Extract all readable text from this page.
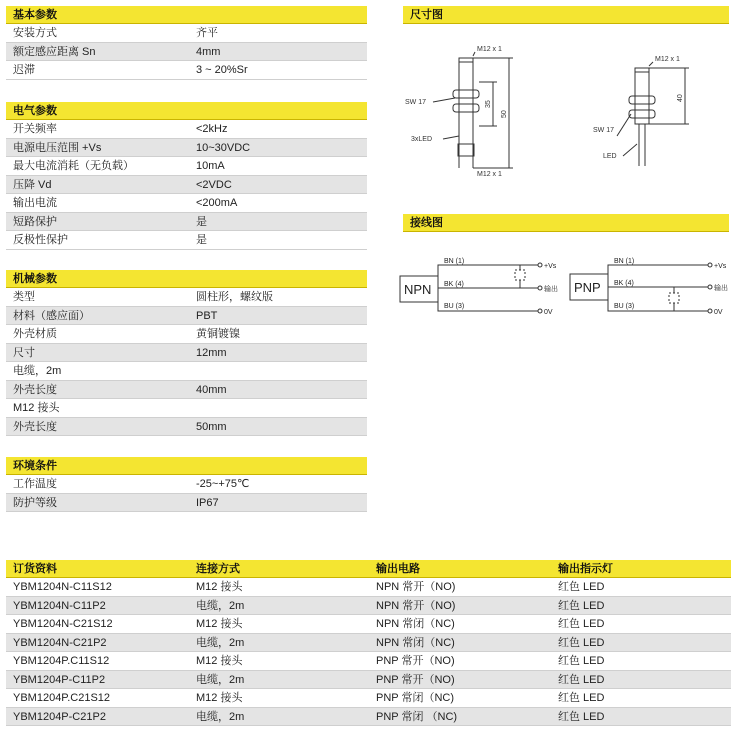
基本参数
安装方式	齐平
额定感应距离 Sn	4mm
迟滞	3 ~ 20%Sr
电气参数
开关频率	<2kHz
电源电压范围 +Vs	10~30VDC
最大电流消耗（无负载）	10mA
压降 Vd	<2VDC
输出电流	<200mA
短路保护	是
反极性保护	是
机械参数
类型	圆柱形，螺纹版
材料（感应面）	PBT
外壳材质	黄铜镀镍
尺寸	12mm
电缆，2m
外壳长度	40mm
M12 接头
外壳长度	50mm
环境条件
工作温度	-25~+75℃
防护等级	IP67
尺寸图
M12 x 1
M12 x 1
SW 17
3xLED
35
50
M12 x 1
SW 17
LED
40
接线图
NPN
BN (1)
BK (4)
BU (3)
+Vs
输出
0V
PNP
BN (1)
BK (4)
BU (3)
+Vs
输出
0V
订货资料	连接方式	输出电路	输出指示灯
YBM1204N-C11S12	M12 接头	NPN 常开（NO)	红色 LED
YBM1204N-C11P2	电缆，2m	NPN 常开（NO)	红色 LED
YBM1204N-C21S12	M12 接头	NPN 常闭（NC)	红色 LED
YBM1204N-C21P2	电缆，2m	NPN 常闭（NC)	红色 LED
YBM1204P.C11S12	M12 接头	PNP 常开（NO)	红色 LED
YBM1204P-C11P2	电缆，2m	PNP 常开（NO)	红色 LED
YBM1204P.C21S12	M12 接头	PNP 常闭（NC)	红色 LED
YBM1204P-C21P2	电缆，2m	PNP 常闭 （NC)	红色 LED
